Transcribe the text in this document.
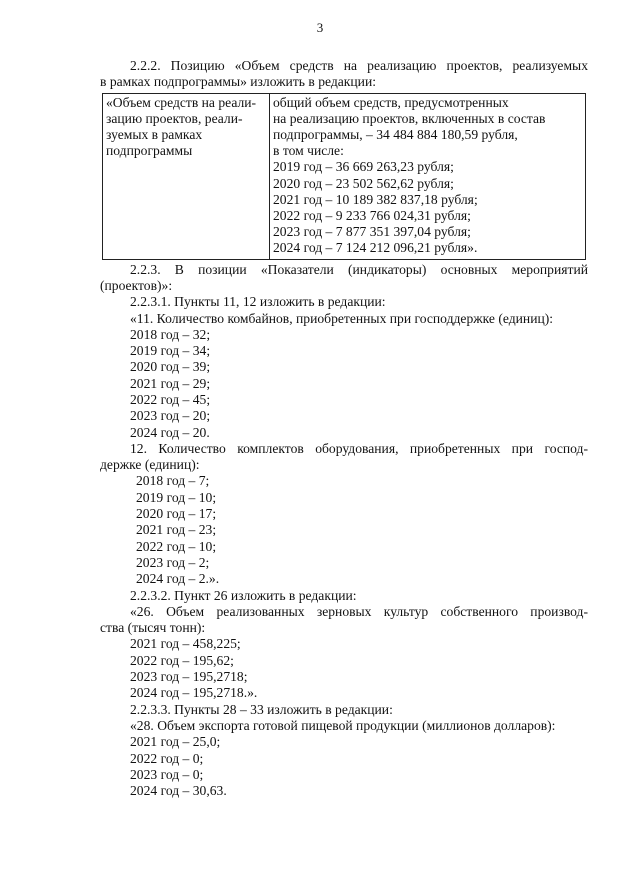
3
2.2.2. Позицию «Объем средств на реализацию проектов, реализуемых
в рамках подпрограммы» изложить в редакции:
«Объем средств на реали-
зацию проектов, реали-
зуемых в рамках
подпрограммы

общий объем средств, предусмотренных
на реализацию проектов, включенных в состав
подпрограммы, – 34 484 884 180,59 рубля,
в том числе:
2019 год – 36 669 263,23 рубля;
2020 год – 23 502 562,62 рубля;
2021 год – 10 189 382 837,18 рубля;
2022 год – 9 233 766 024,31 рубля;
2023 год – 7 877 351 397,04 рубля;
2024 год – 7 124 212 096,21 рубля».
2.2.3. В позиции «Показатели (индикаторы) основных мероприятий
(проектов)»:
2.2.3.1. Пункты 11, 12 изложить в редакции:
«11. Количество комбайнов, приобретенных при господдержке (единиц):
2018 год – 32;
2019 год – 34;
2020 год – 39;
2021 год – 29;
2022 год – 45;
2023 год – 20;
2024 год – 20.
12. Количество комплектов оборудования, приобретенных при господ-
держке (единиц):
2018 год – 7;
2019 год – 10;
2020 год – 17;
2021 год – 23;
2022 год – 10;
2023 год – 2;
2024 год – 2.».
2.2.3.2. Пункт 26 изложить в редакции:
«26. Объем реализованных зерновых культур собственного производ-
ства (тысяч тонн):
2021 год – 458,225;
2022 год – 195,62;
2023 год – 195,2718;
2024 год – 195,2718.».
2.2.3.3. Пункты 28 – 33 изложить в редакции:
«28. Объем экспорта готовой пищевой продукции (миллионов долларов):
2021 год – 25,0;
2022 год – 0;
2023 год – 0;
2024 год – 30,63.
